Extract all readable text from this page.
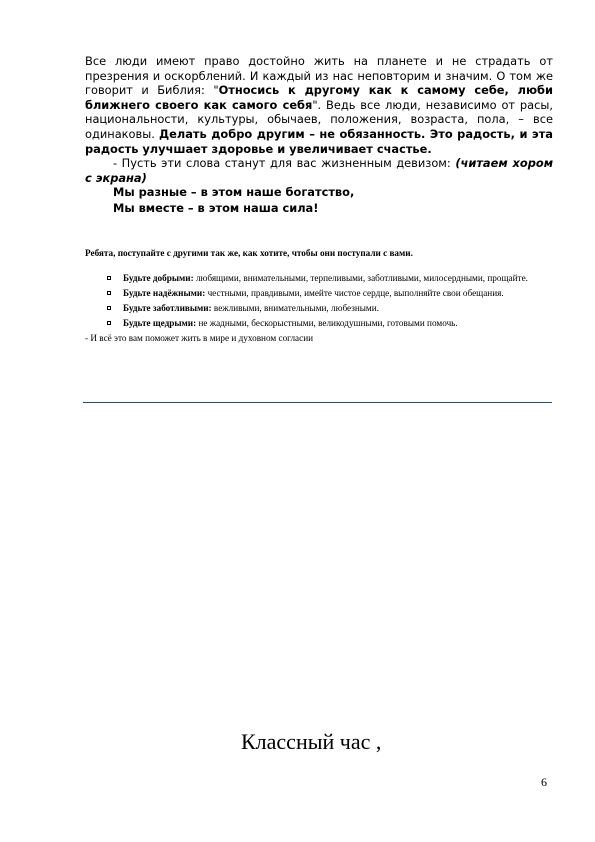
Все люди имеют право достойно жить на планете и не страдать от презрения и оскорблений. И каждый из нас неповторим и значим. О том же говорит и Библия: "Относись к другому как к самому себе, люби ближнего своего как самого себя". Ведь все люди, независимо от расы, национальности, культуры, обычаев, положения, возраста, пола, – все одинаковы. Делать добро другим – не обязанность. Это радость, и эта радость улучшает здоровье и увеличивает счастье.

- Пусть эти слова станут для вас жизненным девизом: (читаем хором с экрана)

Мы разные – в этом наше богатство,

Мы вместе – в этом наша сила!

Ребята, поступайте с другими так же, как хотите, чтобы они поступали с вами.

Будьте добрыми: любящими, внимательными, терпеливыми, заботливыми, милосердными, прощайте.
Будьте надёжными: честными, правдивыми, имейте чистое сердце, выполняйте свои обещания.
Будьте заботливыми: вежливыми, внимательными, любезными.
Будьте щедрыми: не жадными, бескорыстными, великодушными, готовыми помочь.

- И всё это вам поможет жить в мире и духовном согласии

Классный час ,
6
